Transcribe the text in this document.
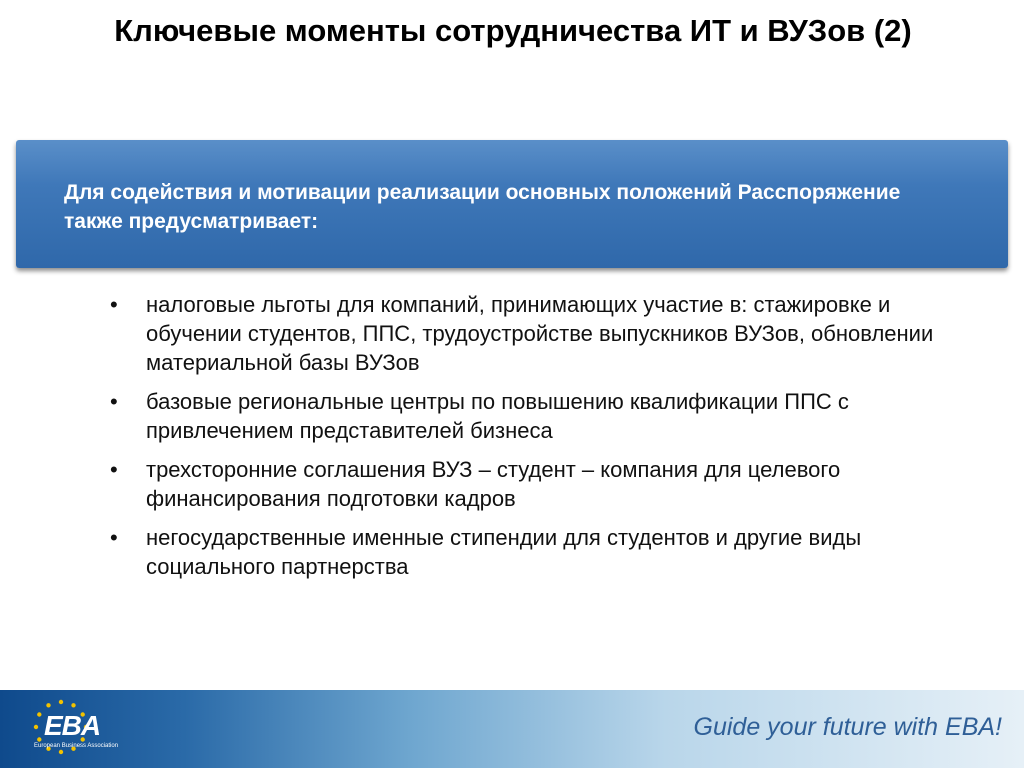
Ключевые моменты сотрудничества ИТ и ВУЗов (2)
Для содействия и мотивации реализации основных положений Расспоряжение также предусматривает:
• налоговые льготы для компаний, принимающих участие в: стажировке и обучении студентов, ППС, трудоустройстве выпускников ВУЗов, обновлении материальной базы ВУЗов
• базовые региональные центры по повышению квалификации ППС с привлечением представителей бизнеса
• трехсторонние соглашения ВУЗ – студент – компания для целевого финансирования подготовки кадров
• негосударственные именные стипендии для студентов и другие виды социального партнерства
EBA
European Business Association
Guide your future with EBA!
